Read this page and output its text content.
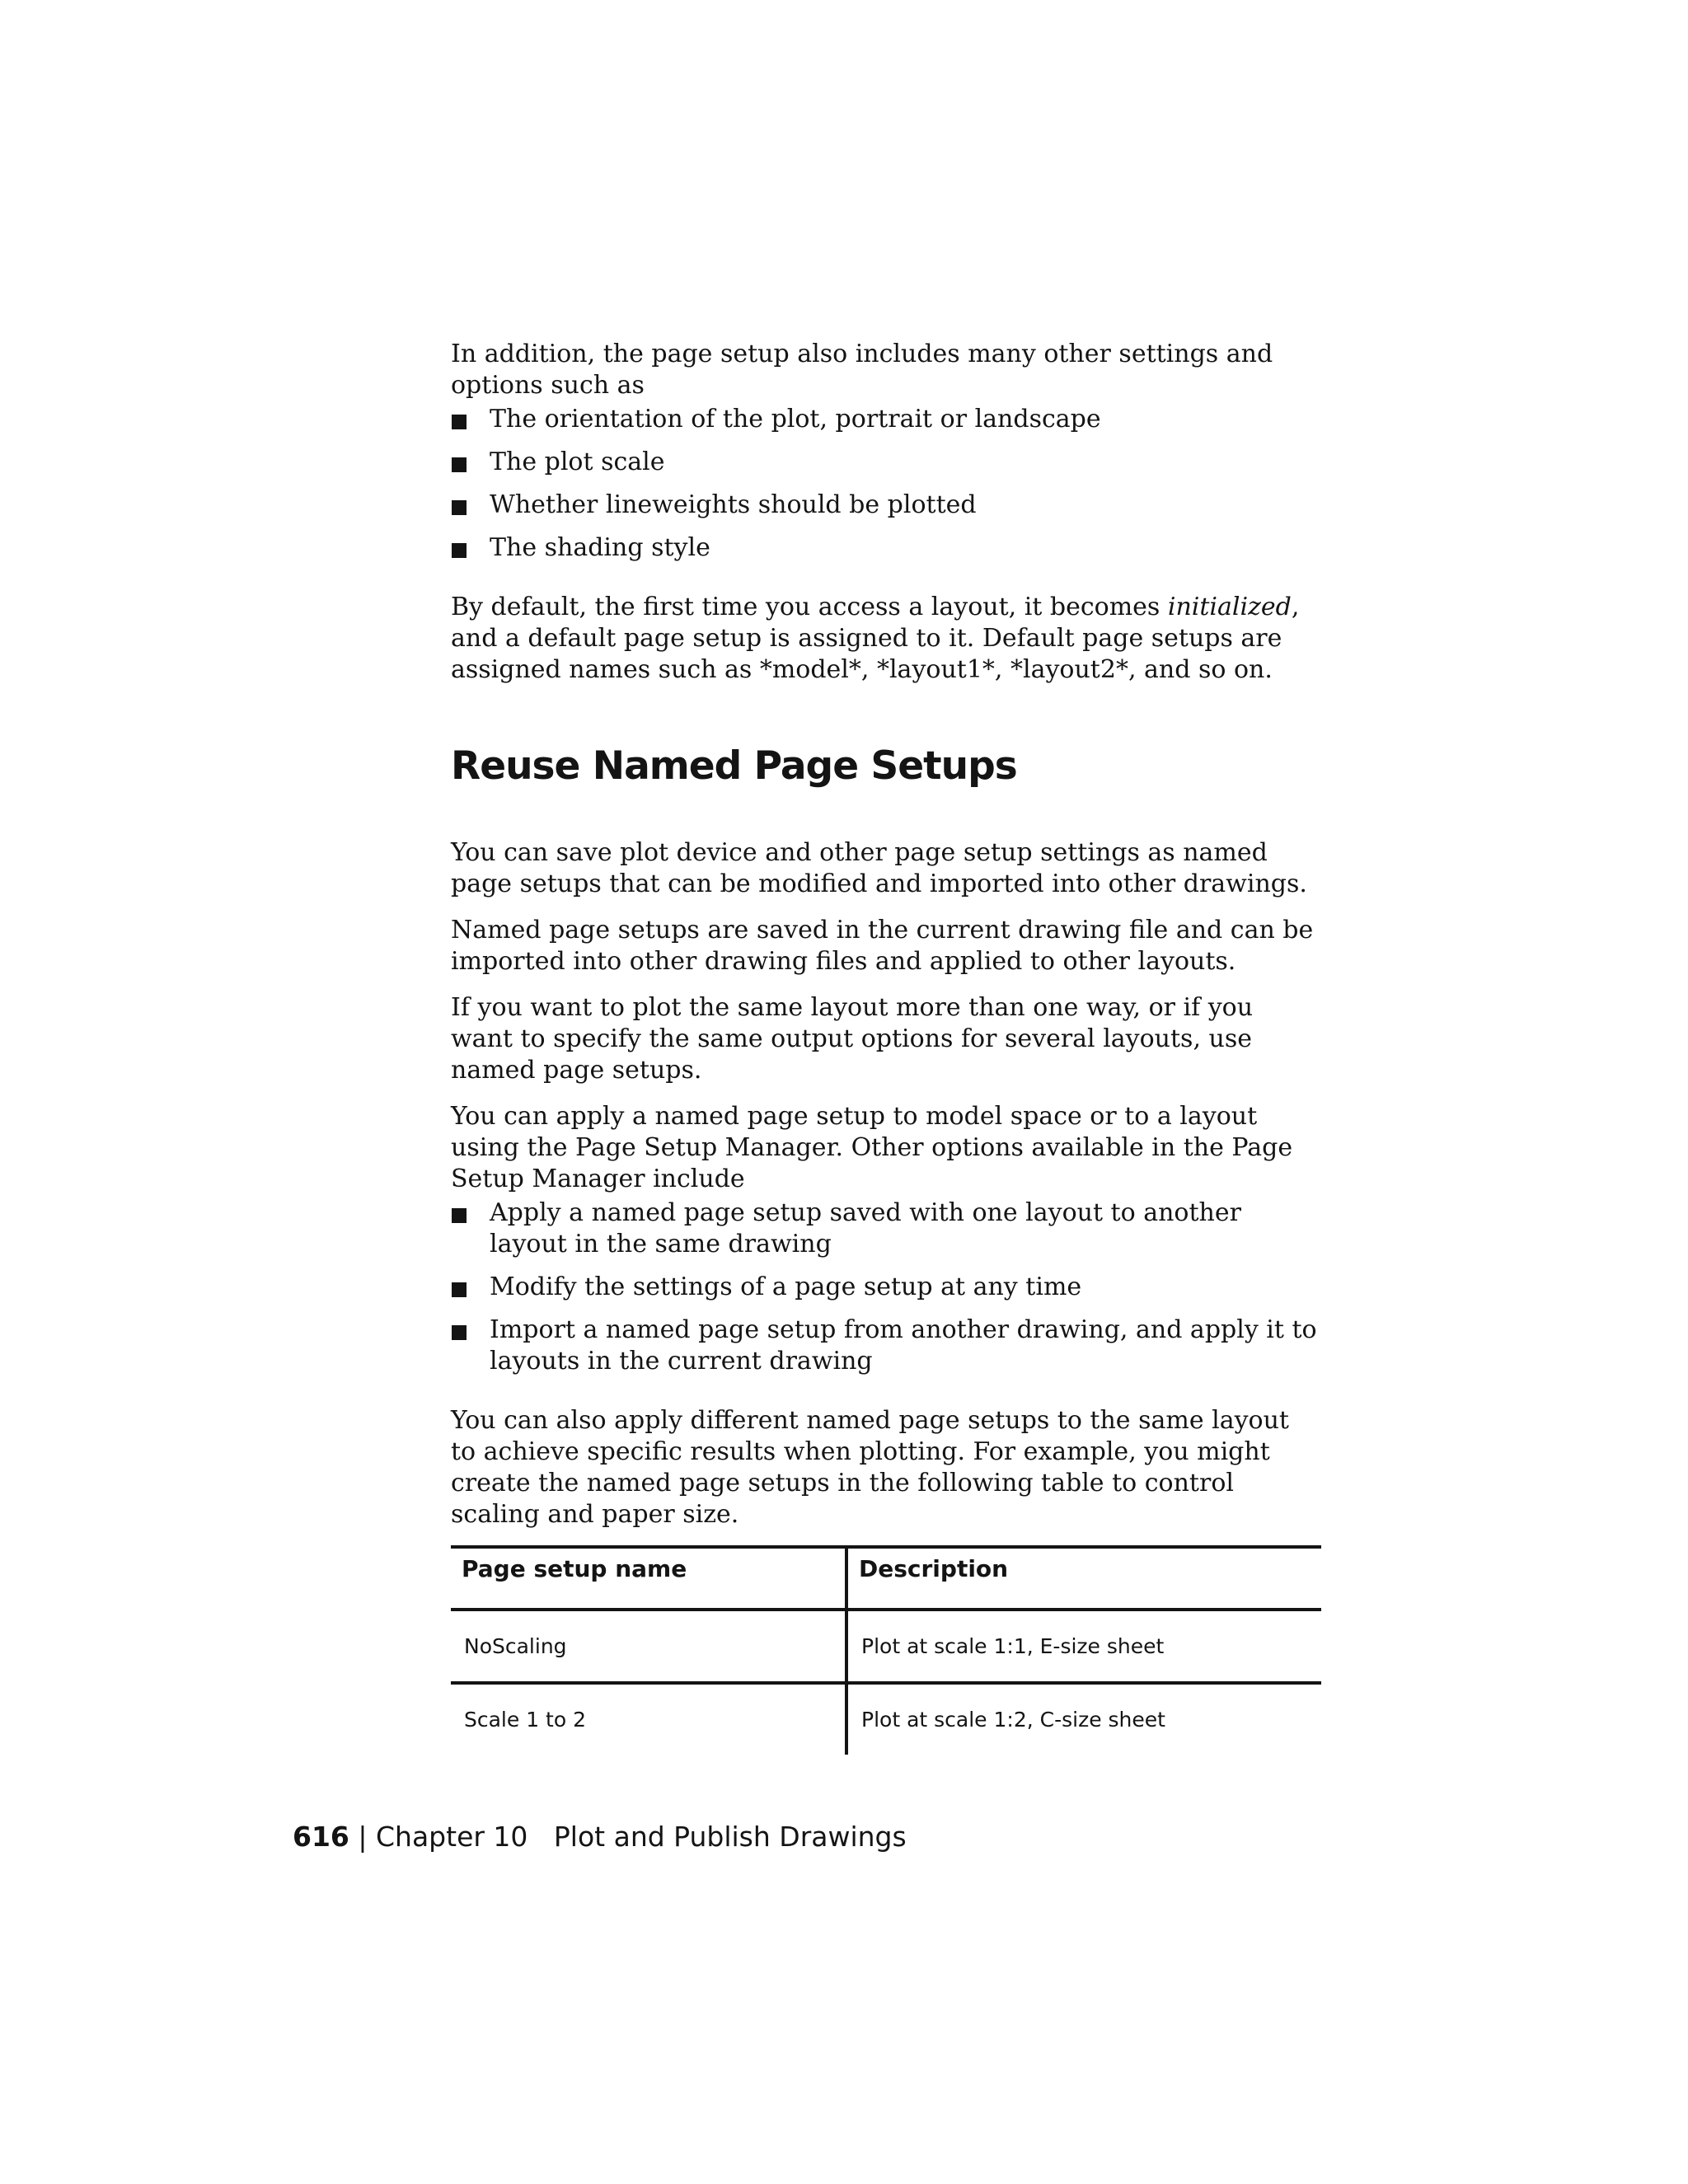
In addition, the page setup also includes many other settings and options such as

The orientation of the plot, portrait or landscape
The plot scale
Whether lineweights should be plotted
The shading style

By default, the first time you access a layout, it becomes initialized, and a default page setup is assigned to it. Default page setups are assigned names such as *model*, *layout1*, *layout2*, and so on.

Reuse Named Page Setups

You can save plot device and other page setup settings as named page setups that can be modified and imported into other drawings.

Named page setups are saved in the current drawing file and can be imported into other drawing files and applied to other layouts.

If you want to plot the same layout more than one way, or if you want to specify the same output options for several layouts, use named page setups.

You can apply a named page setup to model space or to a layout using the Page Setup Manager. Other options available in the Page Setup Manager include

Apply a named page setup saved with one layout to another layout in the same drawing
Modify the settings of a page setup at any time
Import a named page setup from another drawing, and apply it to layouts in the current drawing

You can also apply different named page setups to the same layout to achieve specific results when plotting. For example, you might create the named page setups in the following table to control scaling and paper size.

Page setup name	Description
NoScaling	Plot at scale 1:1, E-size sheet
Scale 1 to 2	Plot at scale 1:2, C-size sheet
616 | Chapter 10 Plot and Publish Drawings
